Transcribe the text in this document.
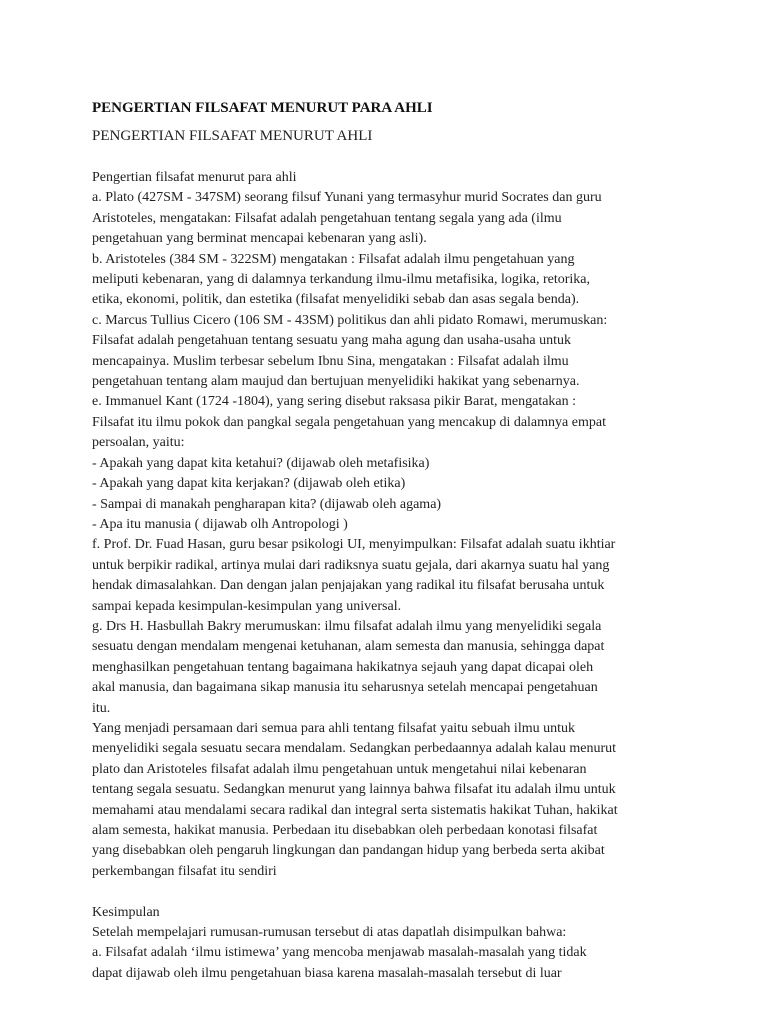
PENGERTIAN FILSAFAT MENURUT PARA AHLI
PENGERTIAN FILSAFAT MENURUT AHLI
Pengertian filsafat menurut para ahli
a. Plato (427SM - 347SM) seorang filsuf Yunani yang termasyhur murid Socrates dan guru
Aristoteles, mengatakan: Filsafat adalah pengetahuan tentang segala yang ada (ilmu
pengetahuan yang berminat mencapai kebenaran yang asli).
b. Aristoteles (384 SM - 322SM) mengatakan : Filsafat adalah ilmu pengetahuan yang
meliputi kebenaran, yang di dalamnya terkandung ilmu-ilmu metafisika, logika, retorika,
etika, ekonomi, politik, dan estetika (filsafat menyelidiki sebab dan asas segala benda).
c. Marcus Tullius Cicero (106 SM - 43SM) politikus dan ahli pidato Romawi, merumuskan:
Filsafat adalah pengetahuan tentang sesuatu yang maha agung dan usaha-usaha untuk
mencapainya. Muslim terbesar sebelum Ibnu Sina, mengatakan : Filsafat adalah ilmu
pengetahuan tentang alam maujud dan bertujuan menyelidiki hakikat yang sebenarnya.
e. Immanuel Kant (1724 -1804), yang sering disebut raksasa pikir Barat, mengatakan :
Filsafat itu ilmu pokok dan pangkal segala pengetahuan yang mencakup di dalamnya empat
persoalan, yaitu:
- Apakah yang dapat kita ketahui? (dijawab oleh metafisika)
- Apakah yang dapat kita kerjakan? (dijawab oleh etika)
- Sampai di manakah pengharapan kita? (dijawab oleh agama)
- Apa itu manusia ( dijawab olh Antropologi )
f. Prof. Dr. Fuad Hasan, guru besar psikologi UI, menyimpulkan: Filsafat adalah suatu ikhtiar
untuk berpikir radikal, artinya mulai dari radiksnya suatu gejala, dari akarnya suatu hal yang
hendak dimasalahkan. Dan dengan jalan penjajakan yang radikal itu filsafat berusaha untuk
sampai kepada kesimpulan-kesimpulan yang universal.
g. Drs H. Hasbullah Bakry merumuskan: ilmu filsafat adalah ilmu yang menyelidiki segala
sesuatu dengan mendalam mengenai ketuhanan, alam semesta dan manusia, sehingga dapat
menghasilkan pengetahuan tentang bagaimana hakikatnya sejauh yang dapat dicapai oleh
akal manusia, dan bagaimana sikap manusia itu seharusnya setelah mencapai pengetahuan
itu.
Yang menjadi persamaan dari semua para ahli tentang filsafat yaitu sebuah ilmu untuk
menyelidiki segala sesuatu secara mendalam. Sedangkan perbedaannya adalah kalau menurut
plato dan Aristoteles filsafat adalah ilmu pengetahuan untuk mengetahui nilai kebenaran
tentang segala sesuatu. Sedangkan menurut yang lainnya bahwa filsafat itu adalah ilmu untuk
memahami atau mendalami secara radikal dan integral serta sistematis hakikat Tuhan, hakikat
alam semesta, hakikat manusia. Perbedaan itu disebabkan oleh perbedaan konotasi filsafat
yang disebabkan oleh pengaruh lingkungan dan pandangan hidup yang berbeda serta akibat
perkembangan filsafat itu sendiri
Kesimpulan
Setelah mempelajari rumusan-rumusan tersebut di atas dapatlah disimpulkan bahwa:
a. Filsafat adalah ‘ilmu istimewa’ yang mencoba menjawab masalah-masalah yang tidak
dapat dijawab oleh ilmu pengetahuan biasa karena masalah-masalah tersebut di luar
